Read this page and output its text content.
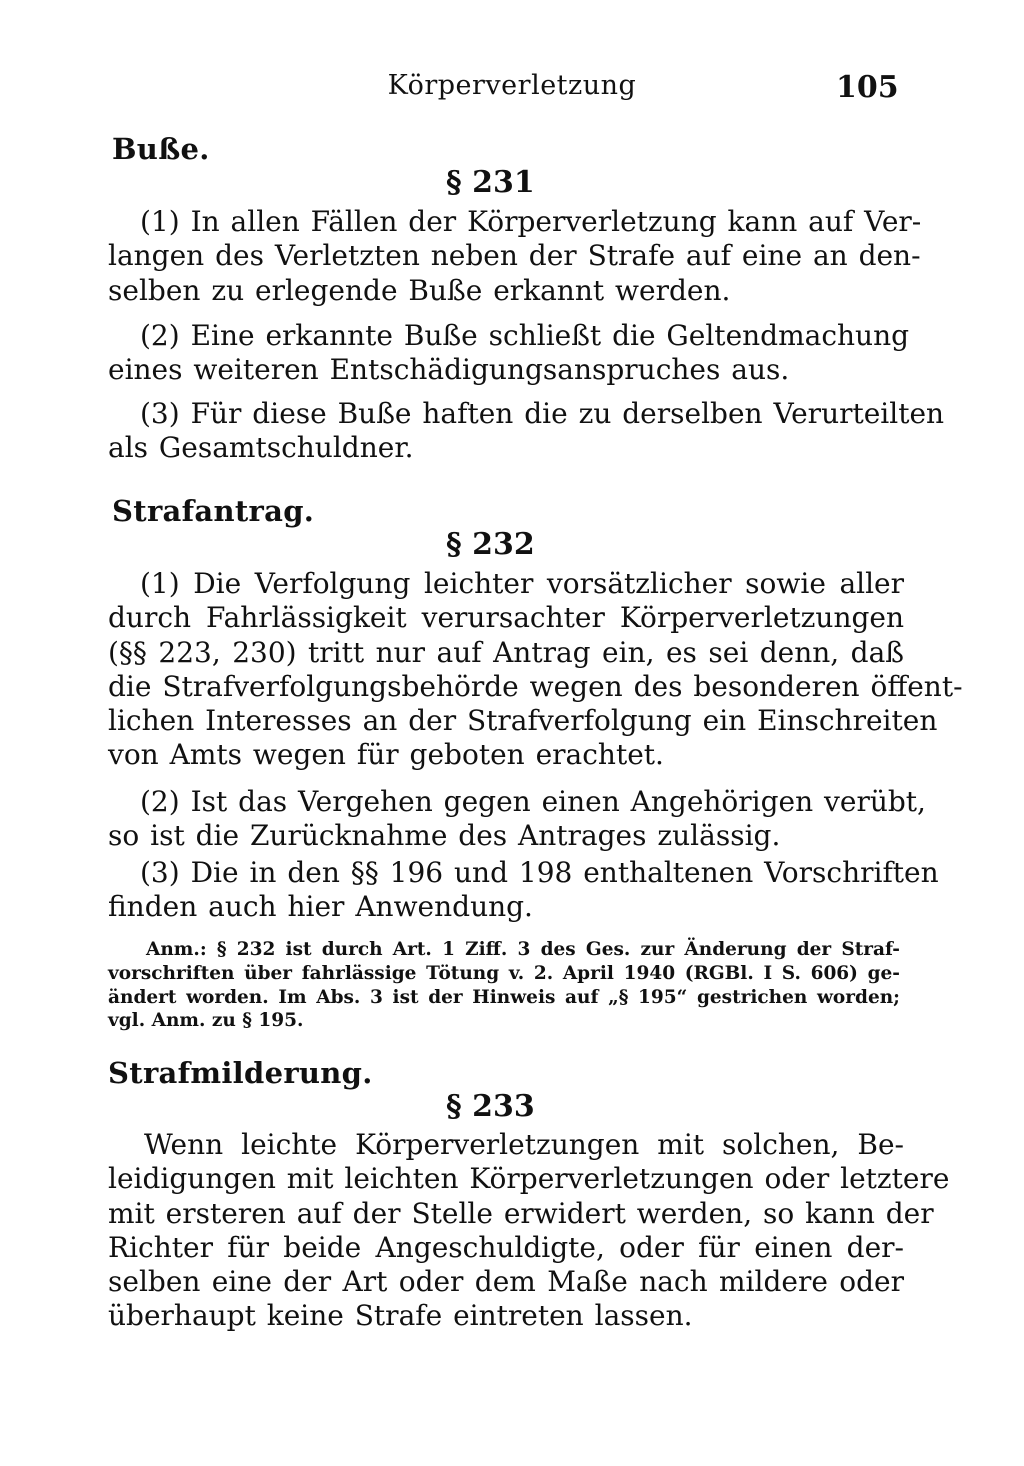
Körperverletzung	105
Buße.
§ 231
(1) In allen Fällen der Körperverletzung kann auf Ver-
langen des Verletzten neben der Strafe auf eine an den-
selben zu erlegende Buße erkannt werden.
(2) Eine erkannte Buße schließt die Geltendmachung
eines weiteren Entschädigungsanspruches aus.
(3) Für diese Buße haften die zu derselben Verurteilten
als Gesamtschuldner.
Strafantrag.
§ 232
(1) Die Verfolgung leichter vorsätzlicher sowie aller
durch Fahrlässigkeit verursachter Körperverletzungen
(§§ 223, 230) tritt nur auf Antrag ein, es sei denn, daß
die Strafverfolgungsbehörde wegen des besonderen öffent-
lichen Interesses an der Strafverfolgung ein Einschreiten
von Amts wegen für geboten erachtet.
(2) Ist das Vergehen gegen einen Angehörigen verübt,
so ist die Zurücknahme des Antrages zulässig.
(3) Die in den §§ 196 und 198 enthaltenen Vorschriften
finden auch hier Anwendung.
Anm.: § 232 ist durch Art. 1 Ziff. 3 des Ges. zur Änderung der Straf-
vorschriften über fahrlässige Tötung v. 2. April 1940 (RGBl. I S. 606) ge-
ändert worden. Im Abs. 3 ist der Hinweis auf „§ 195“ gestrichen worden;
vgl. Anm. zu § 195.
Strafmilderung.
§ 233
Wenn leichte Körperverletzungen mit solchen, Be-
leidigungen mit leichten Körperverletzungen oder letztere
mit ersteren auf der Stelle erwidert werden, so kann der
Richter für beide Angeschuldigte, oder für einen der-
selben eine der Art oder dem Maße nach mildere oder
überhaupt keine Strafe eintreten lassen.
